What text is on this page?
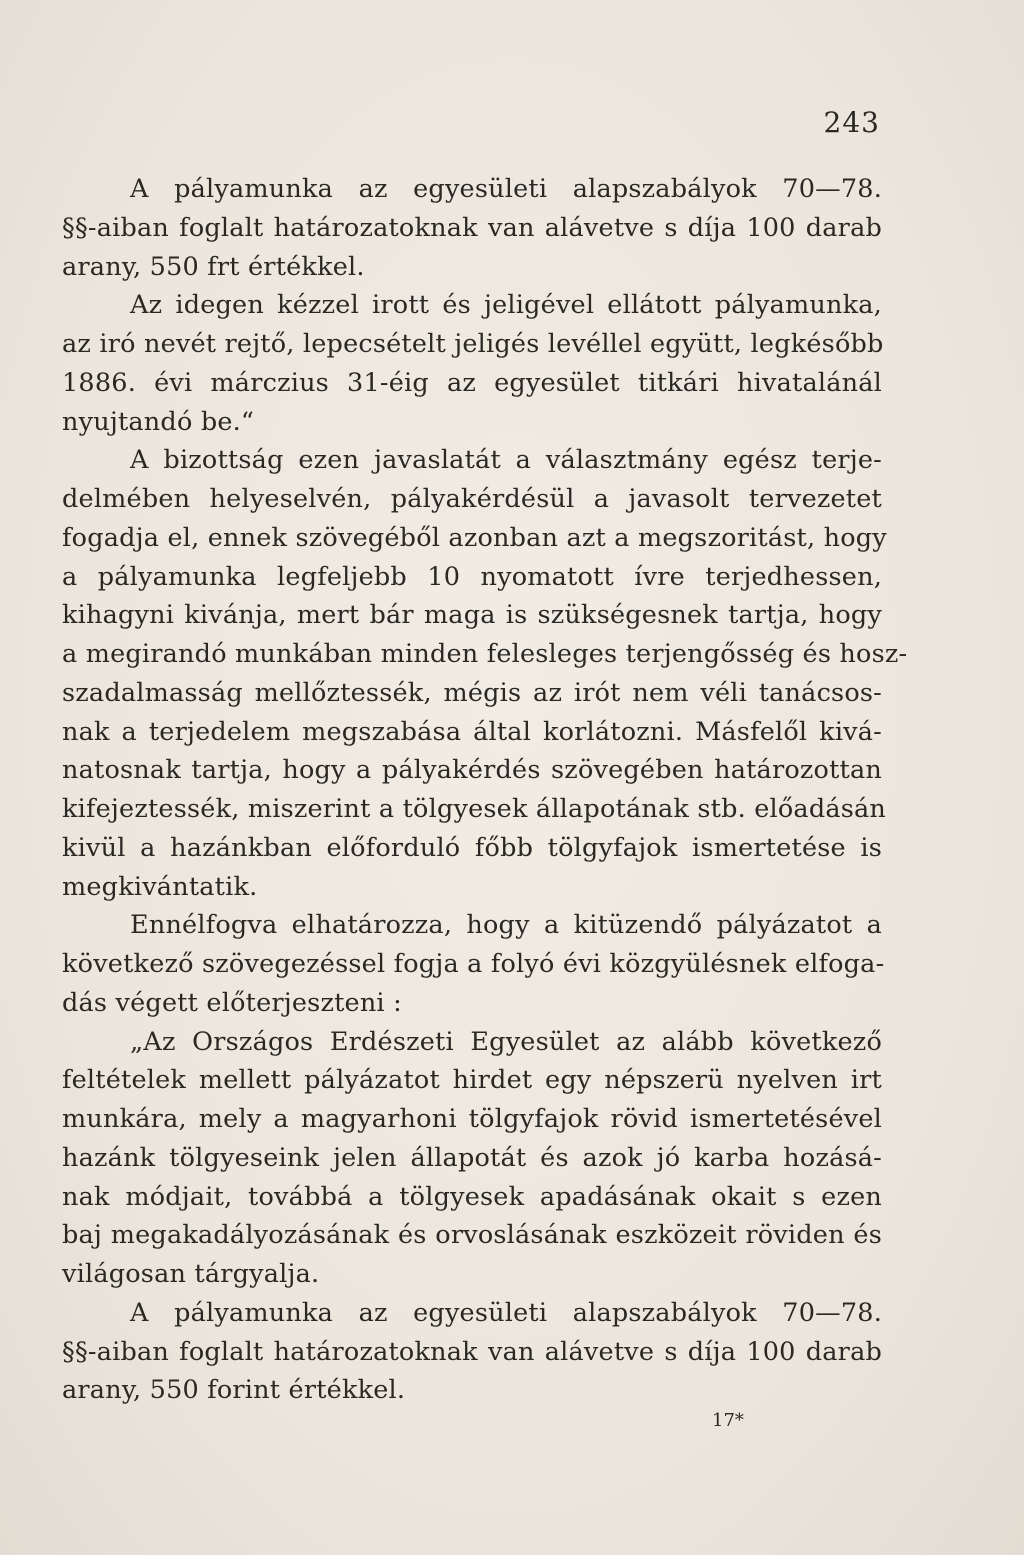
243
A pályamunka az egyesületi alapszabályok 70—78.
§§-aiban foglalt határozatoknak van alávetve s díja 100 darab
arany, 550 frt értékkel.
Az idegen kézzel irott és jeligével ellátott pályamunka,
az iró nevét rejtő, lepecsételt jeligés levéllel együtt, legkésőbb
1886. évi márczius 31-éig az egyesület titkári hivatalánál
nyujtandó be.“
A bizottság ezen javaslatát a választmány egész terje-
delmében helyeselvén, pályakérdésül a javasolt tervezetet
fogadja el, ennek szövegéből azonban azt a megszoritást, hogy
a pályamunka legfeljebb 10 nyomatott ívre terjedhessen,
kihagyni kivánja, mert bár maga is szükségesnek tartja, hogy
a megirandó munkában minden felesleges terjengősség és hosz-
szadalmasság mellőztessék, mégis az irót nem véli tanácsos-
nak a terjedelem megszabása által korlátozni. Másfelől kivá-
natosnak tartja, hogy a pályakérdés szövegében határozottan
kifejeztessék, miszerint a tölgyesek állapotának stb. előadásán
kivül a hazánkban előforduló főbb tölgyfajok ismertetése is
megkivántatik.
Ennélfogva elhatározza, hogy a kitüzendő pályázatot a
következő szövegezéssel fogja a folyó évi közgyülésnek elfoga-
dás végett előterjeszteni :
„Az Országos Erdészeti Egyesület az alább következő
feltételek mellett pályázatot hirdet egy népszerü nyelven irt
munkára, mely a magyarhoni tölgyfajok rövid ismertetésével
hazánk tölgyeseink jelen állapotát és azok jó karba hozásá-
nak módjait, továbbá a tölgyesek apadásának okait s ezen
baj megakadályozásának és orvoslásának eszközeit röviden és
világosan tárgyalja.
A pályamunka az egyesületi alapszabályok 70—78.
§§-aiban foglalt határozatoknak van alávetve s díja 100 darab
arany, 550 forint értékkel.
17*
